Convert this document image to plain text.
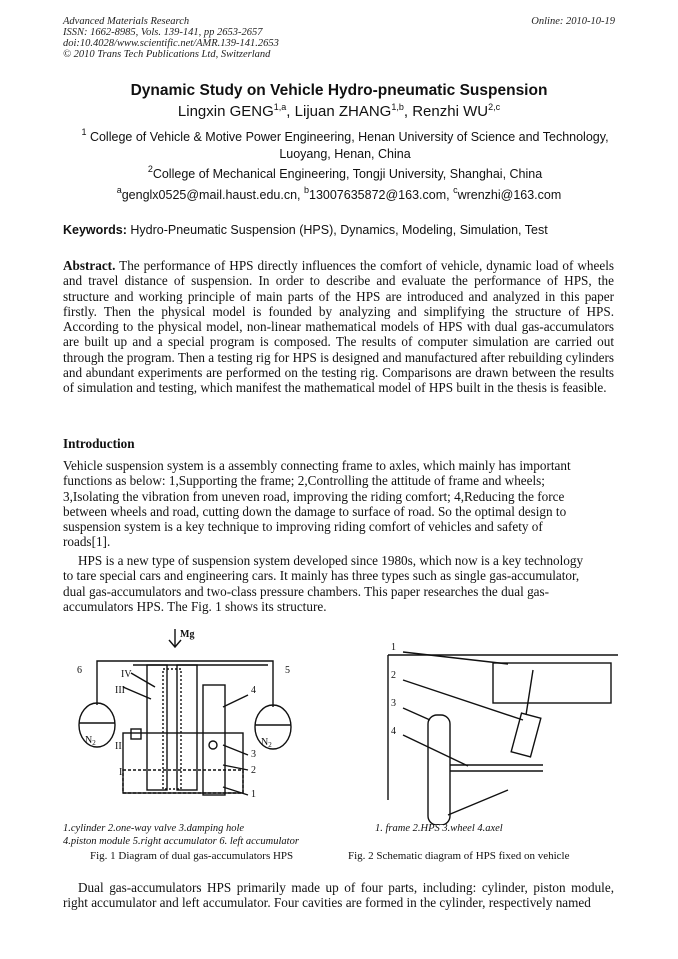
Advanced Materials Research
ISSN: 1662-8985, Vols. 139-141, pp 2653-2657
doi:10.4028/www.scientific.net/AMR.139-141.2653
© 2010 Trans Tech Publications Ltd, Switzerland
Online: 2010-10-19
Dynamic Study on Vehicle Hydro-pneumatic Suspension
Lingxin GENG$^{1,a}$, Lijuan ZHANG$^{1,b}$, Renzhi WU$^{2,c}$
$^1$ College of Vehicle & Motive Power Engineering, Henan University of Science and Technology, Luoyang, Henan, China
$^2$College of Mechanical Engineering, Tongji University, Shanghai, China
$^a$genglx0525@mail.haust.edu.cn, $^b$13007635872@163.com, $^c$wrenzhi@163.com
Keywords: Hydro-Pneumatic Suspension (HPS), Dynamics, Modeling, Simulation, Test
Abstract. The performance of HPS directly influences the comfort of vehicle, dynamic load of wheels and travel distance of suspension. In order to describe and evaluate the performance of HPS, the structure and working principle of main parts of the HPS are introduced and analyzed in this paper firstly. Then the physical model is founded by analyzing and simplifying the structure of HPS. According to the physical model, non-linear mathematical models of HPS with dual gas-accumulators are built up and a special program is composed. The results of computer simulation are carried out through the program. Then a testing rig for HPS is designed and manufactured after rebuilding cylinders and abundant experiments are performed on the testing rig. Comparisons are drawn between the results of simulation and testing, which manifest the mathematical model of HPS built in the thesis is feasible.
Introduction
Vehicle suspension system is a assembly connecting frame to axles, which mainly has important
functions as below: 1,Supporting the frame; 2,Controlling the attitude of frame and wheels;
3,Isolating the vibration from uneven road, improving the riding comfort; 4,Reducing the force
between wheels and road, cutting down the damage to surface of road. So the optimal design to
suspension system is a key technique to improving riding comfort of vehicles and safety of
roads[1].
HPS is a new type of suspension system developed since 1980s, which now is a key technology
to tare special cars and engineering cars. It mainly has three types such as single gas-accumulator,
dual gas-accumulators and two-class pressure chambers. This paper researches the dual gas-
accumulators HPS. The Fig. 1 shows its structure.
Mg
$N_2$	$N_2$
I
II
III
IV
1
2
3
4
5
6
1
2
3
4
1.cylinder 2.one-way valve 3.damping hole
4.piston module 5.right accumulator 6. left accumulator
1. frame 2.HPS 3.wheel 4.axel
Fig. 1 Diagram of dual gas-accumulators HPS	Fig. 2 Schematic diagram of HPS fixed on vehicle
Dual gas-accumulators HPS primarily made up of four parts, including: cylinder, piston module, right accumulator and left accumulator. Four cavities are formed in the cylinder, respectively named
